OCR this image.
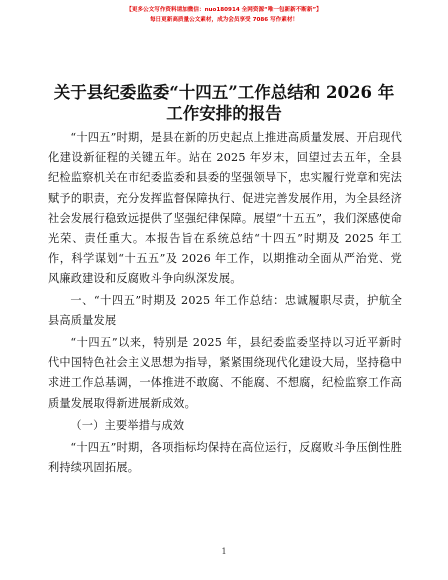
【更多公文写作资料请加微信：nuo180914 全网资源“唯一包新新不断新”】
每日更新高质量公文素材，成为会员享受 7086 写作素材！
关于县纪委监委“十四五”工作总结和 2026 年
工作安排的报告

“十四五”时期，是县在新的历史起点上推进高质量发展、开启现代化建设新征程的关键五年。站在 2025 年岁末，回望过去五年，全县纪检监察机关在市纪委监委和县委的坚强领导下，忠实履行党章和宪法赋予的职责，充分发挥监督保障执行、促进完善发展作用，为全县经济社会发展行稳致远提供了坚强纪律保障。展望“十五五”，我们深感使命光荣、责任重大。本报告旨在系统总结“十四五”时期及 2025 年工作，科学谋划“十五五”及 2026 年工作，以期推动全面从严治党、党风廉政建设和反腐败斗争向纵深发展。

一、“十四五”时期及 2025 年工作总结：忠诚履职尽责，护航全县高质量发展

“十四五”以来，特别是 2025 年，县纪委监委坚持以习近平新时代中国特色社会主义思想为指导，紧紧围绕现代化建设大局，坚持稳中求进工作总基调，一体推进不敢腐、不能腐、不想腐，纪检监察工作高质量发展取得新进展新成效。

（一）主要举措与成效

“十四五”时期，各项指标均保持在高位运行，反腐败斗争压倒性胜利持续巩固拓展。

1
